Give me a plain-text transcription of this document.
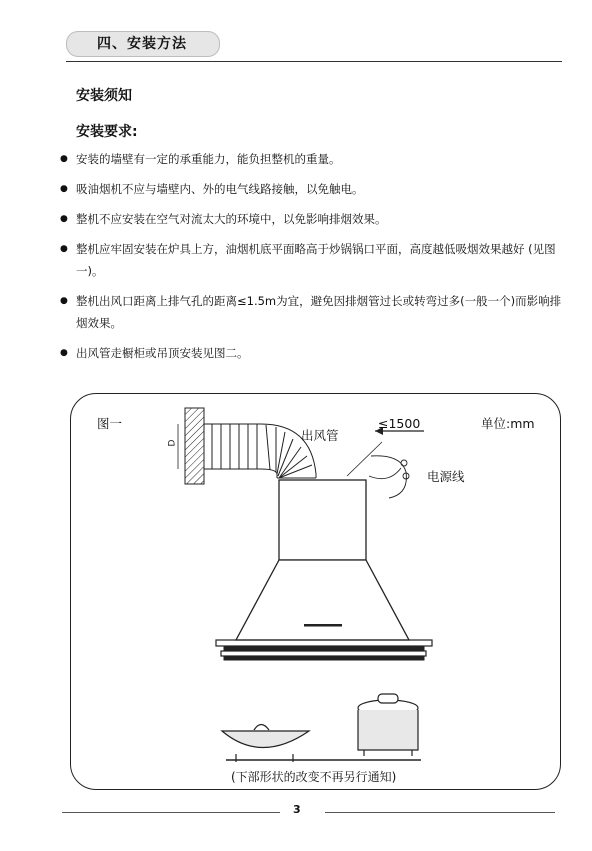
四、安装方法
安装须知
安装要求:
● 安装的墙壁有一定的承重能力，能负担整机的重量。
● 吸油烟机不应与墙壁内、外的电气线路接触，以免触电。
● 整机不应安装在空气对流太大的环境中，以免影响排烟效果。
● 整机应牢固安装在炉具上方，油烟机底平面略高于炒锅锅口平面，高度越低吸烟效果越好 (见图一)。
● 整机出风口距离上排气孔的距离≤1.5m为宜，避免因排烟管过长或转弯过多(一般一个)而影响排烟效果。
● 出风管走橱柜或吊顶安装见图二。
图一	单位:mm
出风管
≤1500
D
电源线
(下部形状的改变不再另行通知)
3
